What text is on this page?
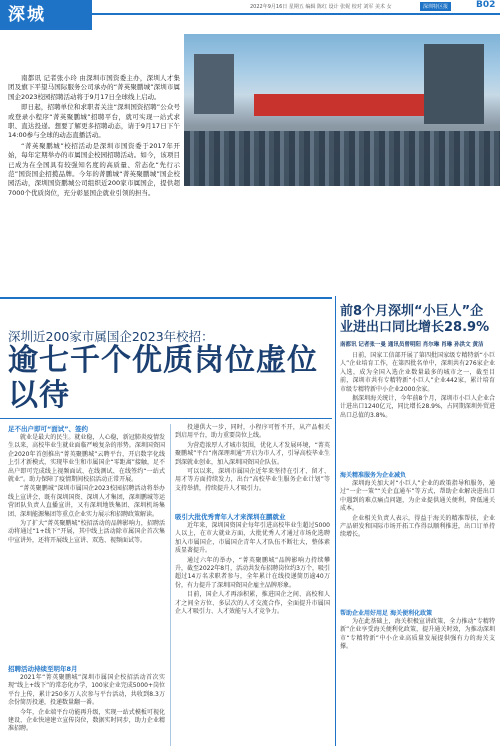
深城	2022年9月16日 星期五 编辑 陈红 设计 张妮 校对 刘军 美术 女	深圳特区报	B02

南都讯 记者张小玲 由深圳市国资委主办，深圳人才集团及旗下平望马国际服务公司承办的“菁英聚鹏城”深圳市属国企2023校园招聘活动将于9月17日全球线上启动。

即日起，招聘单位和求职者关注“深圳国资招聘”公众号或登录小程序“菁英聚鹏城”招聘平台，就可实现一站式求职、直达投递。想要了解更多招聘动态，请于9月17日下午14:00参与全球的动态直播活动。

“菁英聚鹏城”校招活动是深圳市国资委于2017年开始，每年定期举办的市属国企校园招聘活动。如今，该项目已成为在全国具有较强知名度的高质量、常态化“先行示范”国资国企招揽品牌。今年的菁鹏城“菁英聚鹏城”国企校园活动，深圳国资鹏城公司组织近200家市属国企，提供超7000个优质岗位，充分彰显国企就业引领的担当。

深圳近200家市属国企2023年校招：
逾七千个优质岗位虚位以待
足不出户即可“面试”、签约

就业是最大的民生。就业稳，人心稳，新冠肺炎疫情发生以来，高校毕业生就业面临严峻复杂的形势。深圳国资国企2020年首创推出“菁英聚鹏城”云聘平台，开启数字化线上引才新模式，实现毕业生和市属国企“零距离”接触，足不出户即可完成线上视频面试、在线测试、在线签约“一站式就业”。助力保障了疫情期间校招活动正常开展。

“菁英聚鹏城”深圳市属国企2023校园招聘活动将举办线上宣讲会，既有深圳国资、深圳人才集团，深圳鹏城等运营团队负责人直播宣讲，又有深圳地铁集团、深圳机场集团、深圳能源集团等重点企业实力展示和招聘政策解读。

为了扩大“菁英聚鹏城”校招活动的品牌影响力，招聘活动将通过“1+线下”开展，其中线上活动除市属国企首次集中宣讲外，还将开展线上宣讲、双选、视频面试等。

招聘活动持续至明年8月

2021年“菁英聚鹏城”深圳市属国企校招活动首次实现“线上+线下”的常态化办学，100家企业完成5000+岗位平台上传，累计250多万人次参与平台活动，共收到8.3万余份简历投递，投递数量翻一番。

今年，企业端平台功能再升级，实现一站式模板可视化建设，企业快速建立宣传岗位，数据实时同步，助力企业精准招聘。

投递供大一步，同时，小程序可暂不开，从产品相关到启用平台，助力重要岗位上线。

为营造浓厚人才城市氛围，优化人才发展环境，“菁英聚鹏城”平台“南深理圳通”开启为市人才，引导高校毕业生到深就业创业，加入深圳国资国企队伍。

可以以来，深圳市属国企近年来坚持在引才、留才、用才等方面持续发力，出台“高校毕业生服务企业计划”等支持举措，持续提升人才吸引力。

吸引大批优秀青年人才来深圳在鹏就业

近年来，深圳国资国企每年引进高校毕业生超过5000人以上，在市大就业方面，大批优秀人才通过市场化选聘加入市属国企，市属国企青年人才队伍不断壮大，整体素质显著提升。

通过六年的举办，“菁英聚鹏城”品牌影响力持续攀升，截至2022年8月，活动共发布招聘岗位约3万个，吸引超过14万名求职者参与，全年累计在线投递简历逾40万份，有力提升了深圳国资国企雇主品牌形象。

目前，国企人才再添积累，推进国企之间、高校和人才之间全方位、多层次的人才交流合作，全面提升市属国企人才吸引力、人才效能与人才竞争力。

前8个月深圳“小巨人”企业进出口同比增长28.9%
南都讯 记者张一曼 通讯员曾明阳 肖尔琳 肖琳 孙洪文 黄洁

日前，国家工信部开展了第四批国家级专精特新“小巨人”企业培育工作，在第四批名单中，深圳共有276家企业入选，成为全国入选企业数量最多的城市之一，截至目前，深圳市共有专精特新“小巨人”企业442家，累计培育市级专精特新中小企业2000余家。

据深圳海关统计，今年前8个月，深圳市小巨人企业合计进出口1240亿元，同比增长28.9%，占同期深圳外贸进出口总值的3.8%。

海关精准服务为企业减负

深圳海关加大对“小巨人”企业的政策指导和服务，通过“一企一策”“关企直通车”等方式，帮助企业解决进出口中遇到的难点痛点问题，为企业提供通关便利，降低通关成本。

企业相关负责人表示，得益于海关的精准帮扶，企业产品研发和国际市场开拓工作得以顺利推进，出口订单持续增长。

帮助企业用好用足 海关便利化政策

为在此基础上，海关积极宣讲政策，全力推动“专精特新”企业享受海关便利化政策，提升通关时效，为推动深圳市“专精特新”中小企业高质量发展提供强有力的海关支撑。
